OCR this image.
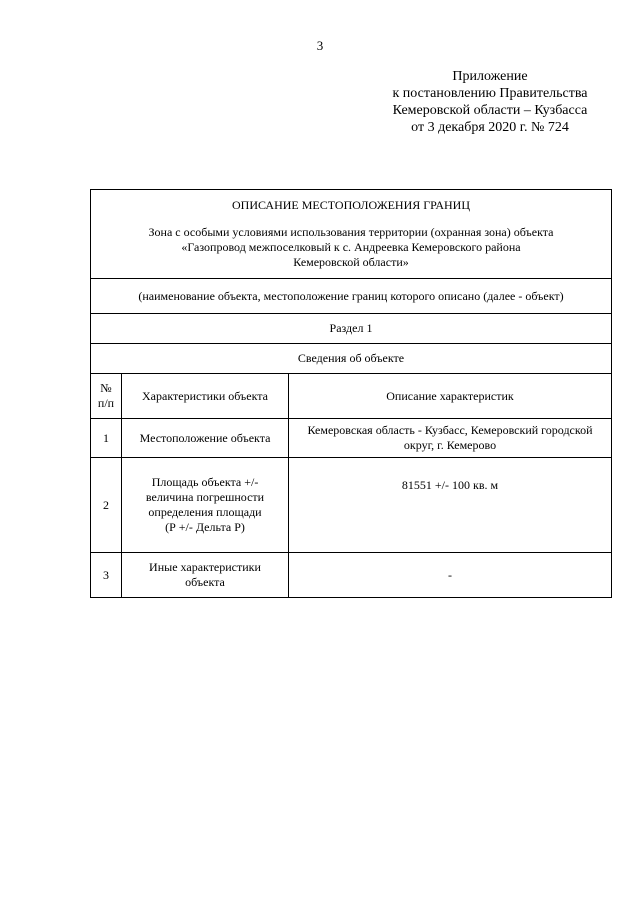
3
Приложение
к постановлению Правительства
Кемеровской области – Кузбасса
от 3 декабря 2020 г. № 724
ОПИСАНИЕ МЕСТОПОЛОЖЕНИЯ ГРАНИЦ
Зона с особыми условиями использования территории (охранная зона) объекта
«Газопровод межпоселковый к с. Андреевка Кемеровского района
Кемеровской области»		

(наименование объекта, местоположение границ которого описано (далее - объект)		
Раздел 1		
Сведения об объекте		

№
п/п	Характеристики объекта	Описание характеристик
1	Местоположение объекта	Кемеровская область - Кузбасс, Кемеровский городской
округ, г. Кемерово

2	Площадь объекта +/-
величина погрешности
определения площади
(Р +/- Дельта Р)	81551 +/- 100 кв. м

3	Иные характеристики
объекта	-
